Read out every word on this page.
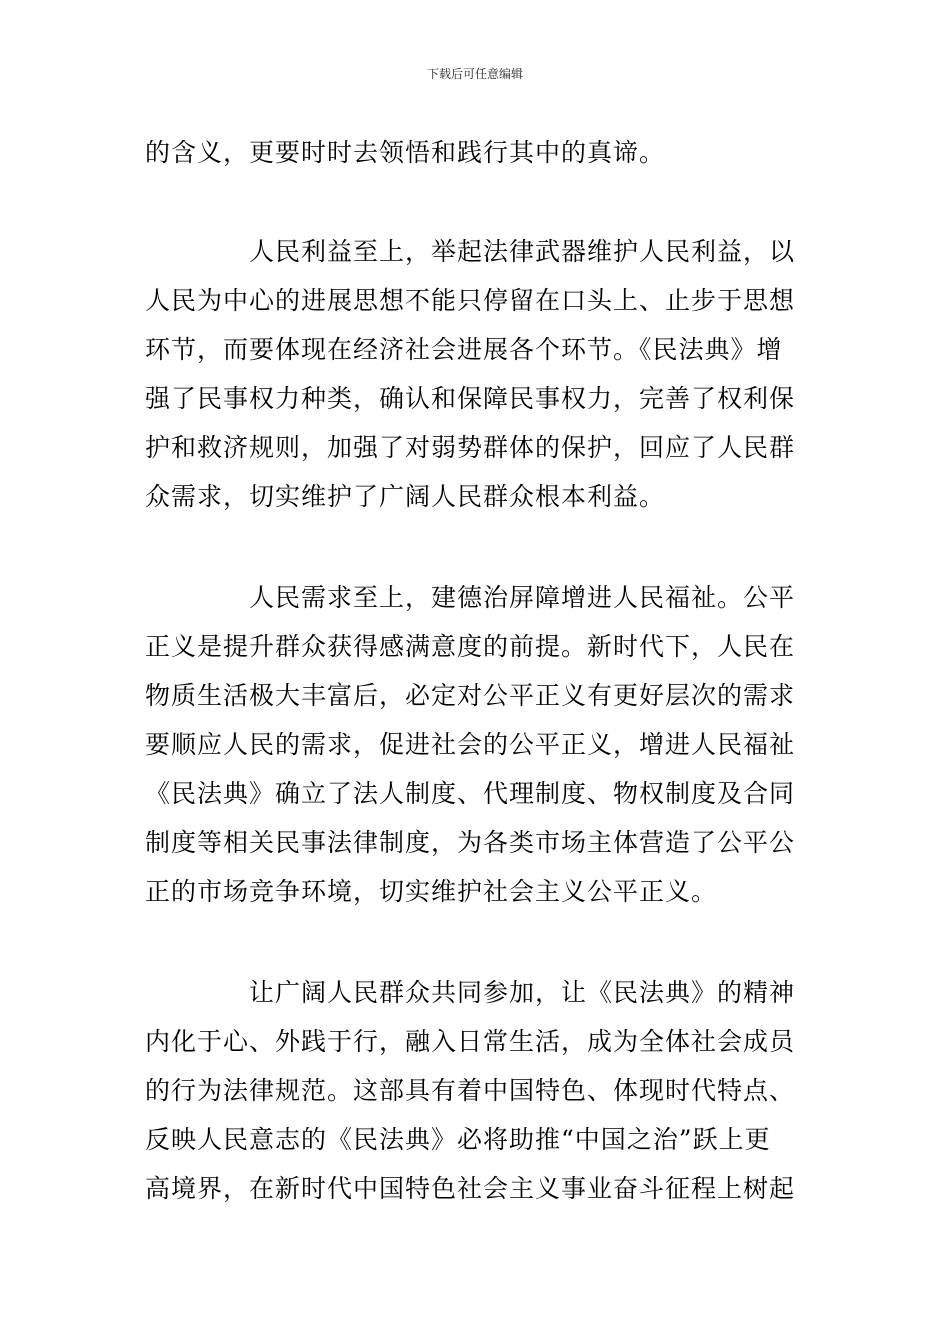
下载后可任意编辑
的含义，更要时时去领悟和践行其中的真谛。
人民利益至上，举起法律武器维护人民利益，以
人民为中心的进展思想不能只停留在口头上、止步于思想
环节，而要体现在经济社会进展各个环节。《民法典》增
强了民事权力种类，确认和保障民事权力，完善了权利保
护和救济规则，加强了对弱势群体的保护，回应了人民群
众需求，切实维护了广阔人民群众根本利益。
人民需求至上，建德治屏障增进人民福祉。公平
正义是提升群众获得感满意度的前提。新时代下，人民在
物质生活极大丰富后，必定对公平正义有更好层次的需求
要顺应人民的需求，促进社会的公平正义，增进人民福祉
《民法典》确立了法人制度、代理制度、物权制度及合同
制度等相关民事法律制度，为各类市场主体营造了公平公
正的市场竞争环境，切实维护社会主义公平正义。
让广阔人民群众共同参加，让《民法典》的精神
内化于心、外践于行，融入日常生活，成为全体社会成员
的行为法律规范。这部具有着中国特色、体现时代特点、
反映人民意志的《民法典》必将助推“中国之治”跃上更
高境界，在新时代中国特色社会主义事业奋斗征程上树起
